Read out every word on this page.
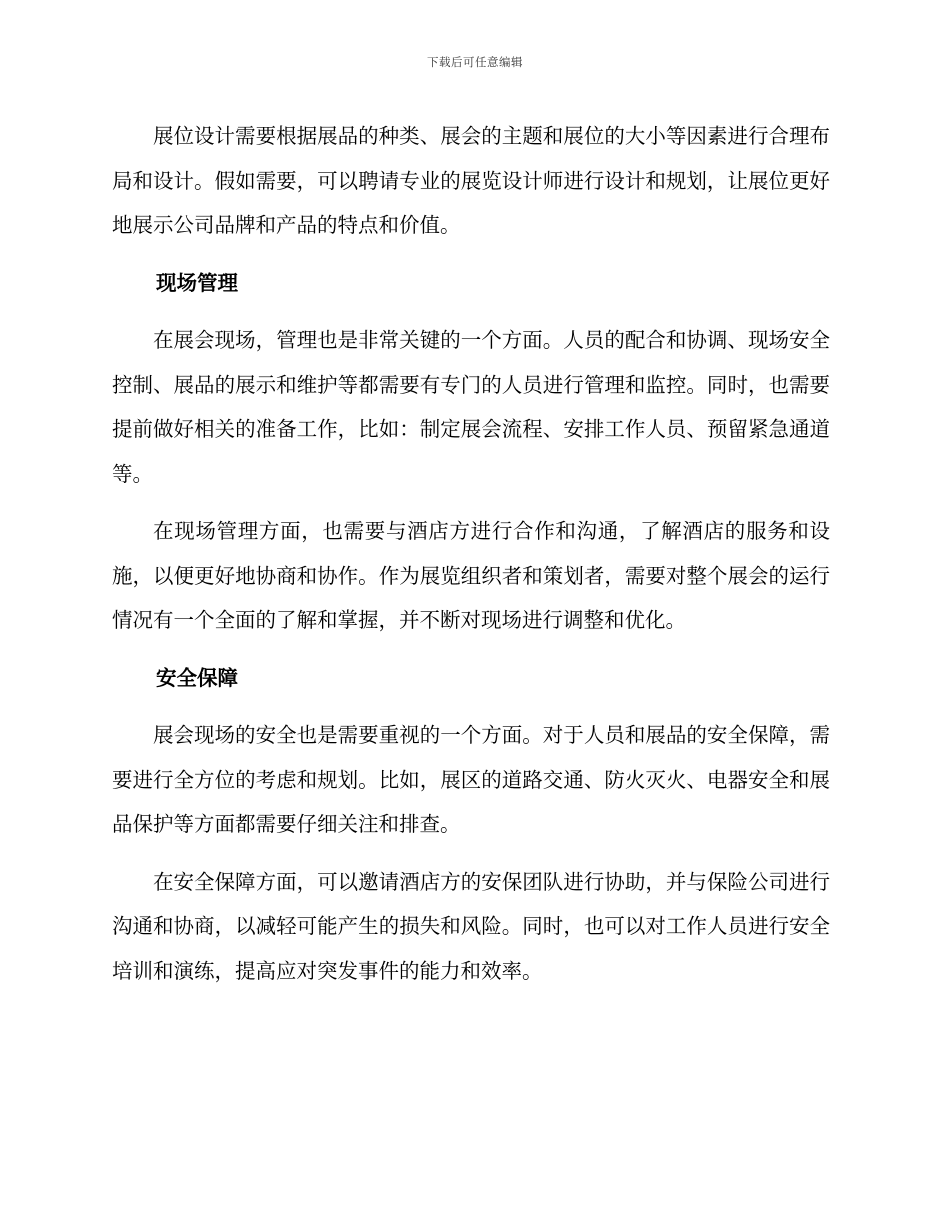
下载后可任意编辑

展位设计需要根据展品的种类、展会的主题和展位的大小等因素进行合理布局和设计。假如需要，可以聘请专业的展览设计师进行设计和规划，让展位更好地展示公司品牌和产品的特点和价值。

现场管理

在展会现场，管理也是非常关键的一个方面。人员的配合和协调、现场安全控制、展品的展示和维护等都需要有专门的人员进行管理和监控。同时，也需要提前做好相关的准备工作，比如：制定展会流程、安排工作人员、预留紧急通道等。

在现场管理方面，也需要与酒店方进行合作和沟通，了解酒店的服务和设施，以便更好地协商和协作。作为展览组织者和策划者，需要对整个展会的运行情况有一个全面的了解和掌握，并不断对现场进行调整和优化。

安全保障

展会现场的安全也是需要重视的一个方面。对于人员和展品的安全保障，需要进行全方位的考虑和规划。比如，展区的道路交通、防火灭火、电器安全和展品保护等方面都需要仔细关注和排查。

在安全保障方面，可以邀请酒店方的安保团队进行协助，并与保险公司进行沟通和协商，以减轻可能产生的损失和风险。同时，也可以对工作人员进行安全培训和演练，提高应对突发事件的能力和效率。
